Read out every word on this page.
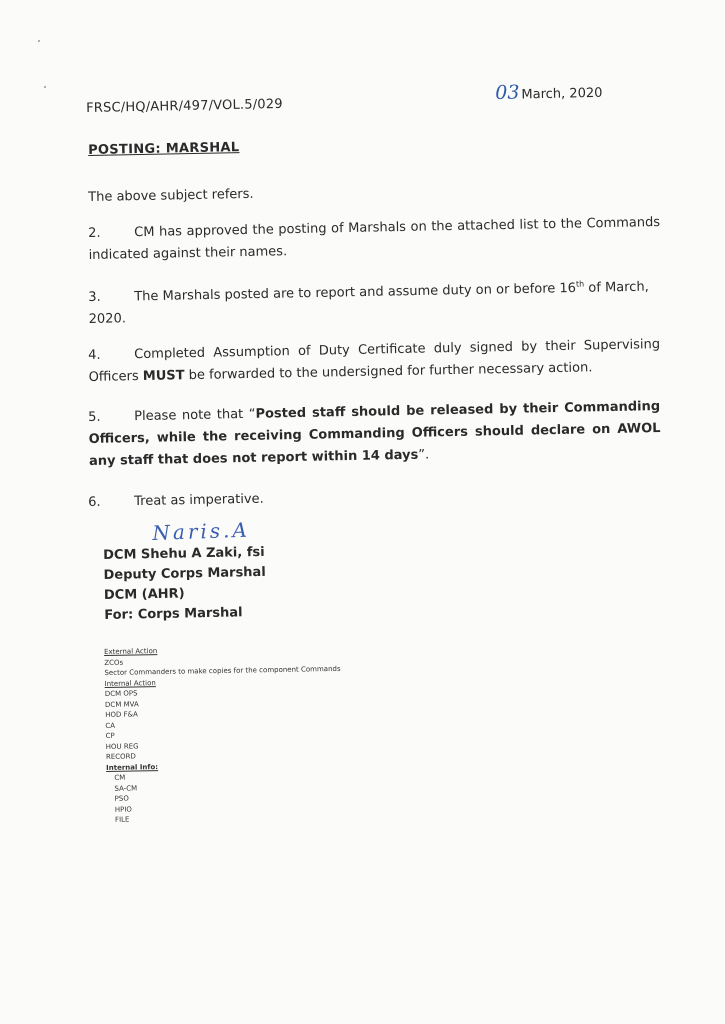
FRSC/HQ/AHR/497/VOL.5/029
03 March, 2020
POSTING: MARSHAL
The above subject refers.
2.	CM has approved the posting of Marshals on the attached list to the Commands indicated against their names.
3.	The Marshals posted are to report and assume duty on or before 16th of March, 2020.
4.	Completed Assumption of Duty Certificate duly signed by their Supervising Officers MUST be forwarded to the undersigned for further necessary action.
5.	Please note that “Posted staff should be released by their Commanding Officers, while the receiving Commanding Officers should declare on AWOL any staff that does not report within 14 days”.
6.	Treat as imperative.
Naris.A
DCM Shehu A Zaki, fsi
Deputy Corps Marshal
DCM (AHR)
For: Corps Marshal
External Action
ZCOs
Sector Commanders to make copies for the component Commands
Internal Action
DCM OPS
DCM MVA
HOD F&A
CA
CP
HOU REG
RECORD
Internal Info:
CM
SA-CM
PSO
HPIO
FILE
